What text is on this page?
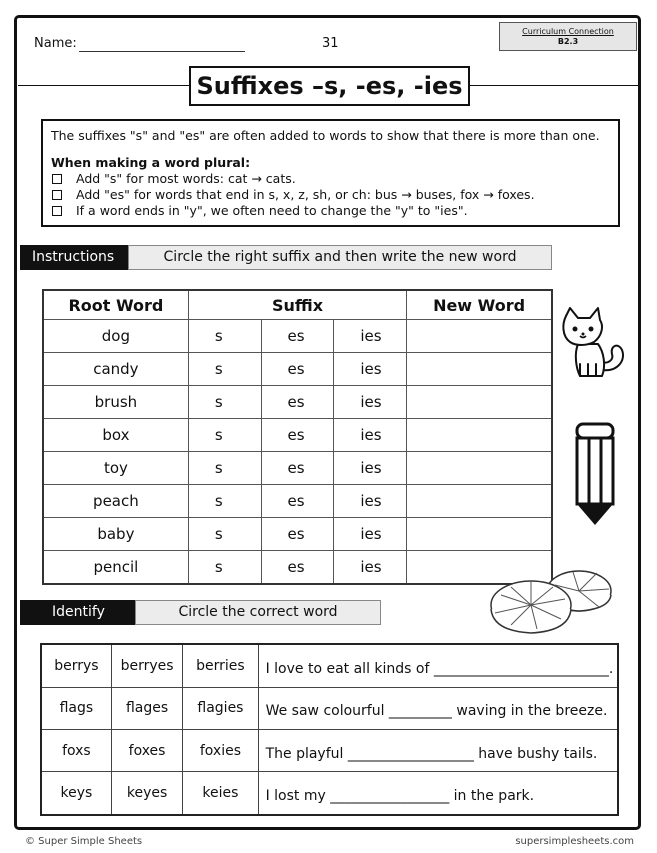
Name:	31
Curriculum Connection
B2.3
Suffixes –s, -es, -ies

The suffixes "s" and "es" are often added to words to show that there is more than one.

When making a word plural:

Add "s" for most words: cat → cats.
Add "es" for words that end in s, x, z, sh, or ch: bus → buses, fox → foxes.
If a word ends in "y", we often need to change the "y" to "ies".
Instructions	Circle the right suffix and then write the new word
Root Word	Suffix			New Word
dog	s	es	ies	
candy	s	es	ies	
brush	s	es	ies	
box	s	es	ies	
toy	s	es	ies	
peach	s	es	ies	
baby	s	es	ies	
pencil	s	es	ies	
Identify	Circle the correct word
berrys	berryes	berries	I love to eat all kinds of _________________________.
flags	flages	flagies	We saw colourful _________ waving in the breeze.
foxs	foxes	foxies	The playful __________________ have bushy tails.
keys	keyes	keies	I lost my _________________ in the park.
© Super Simple Sheets	supersimplesheets.com
